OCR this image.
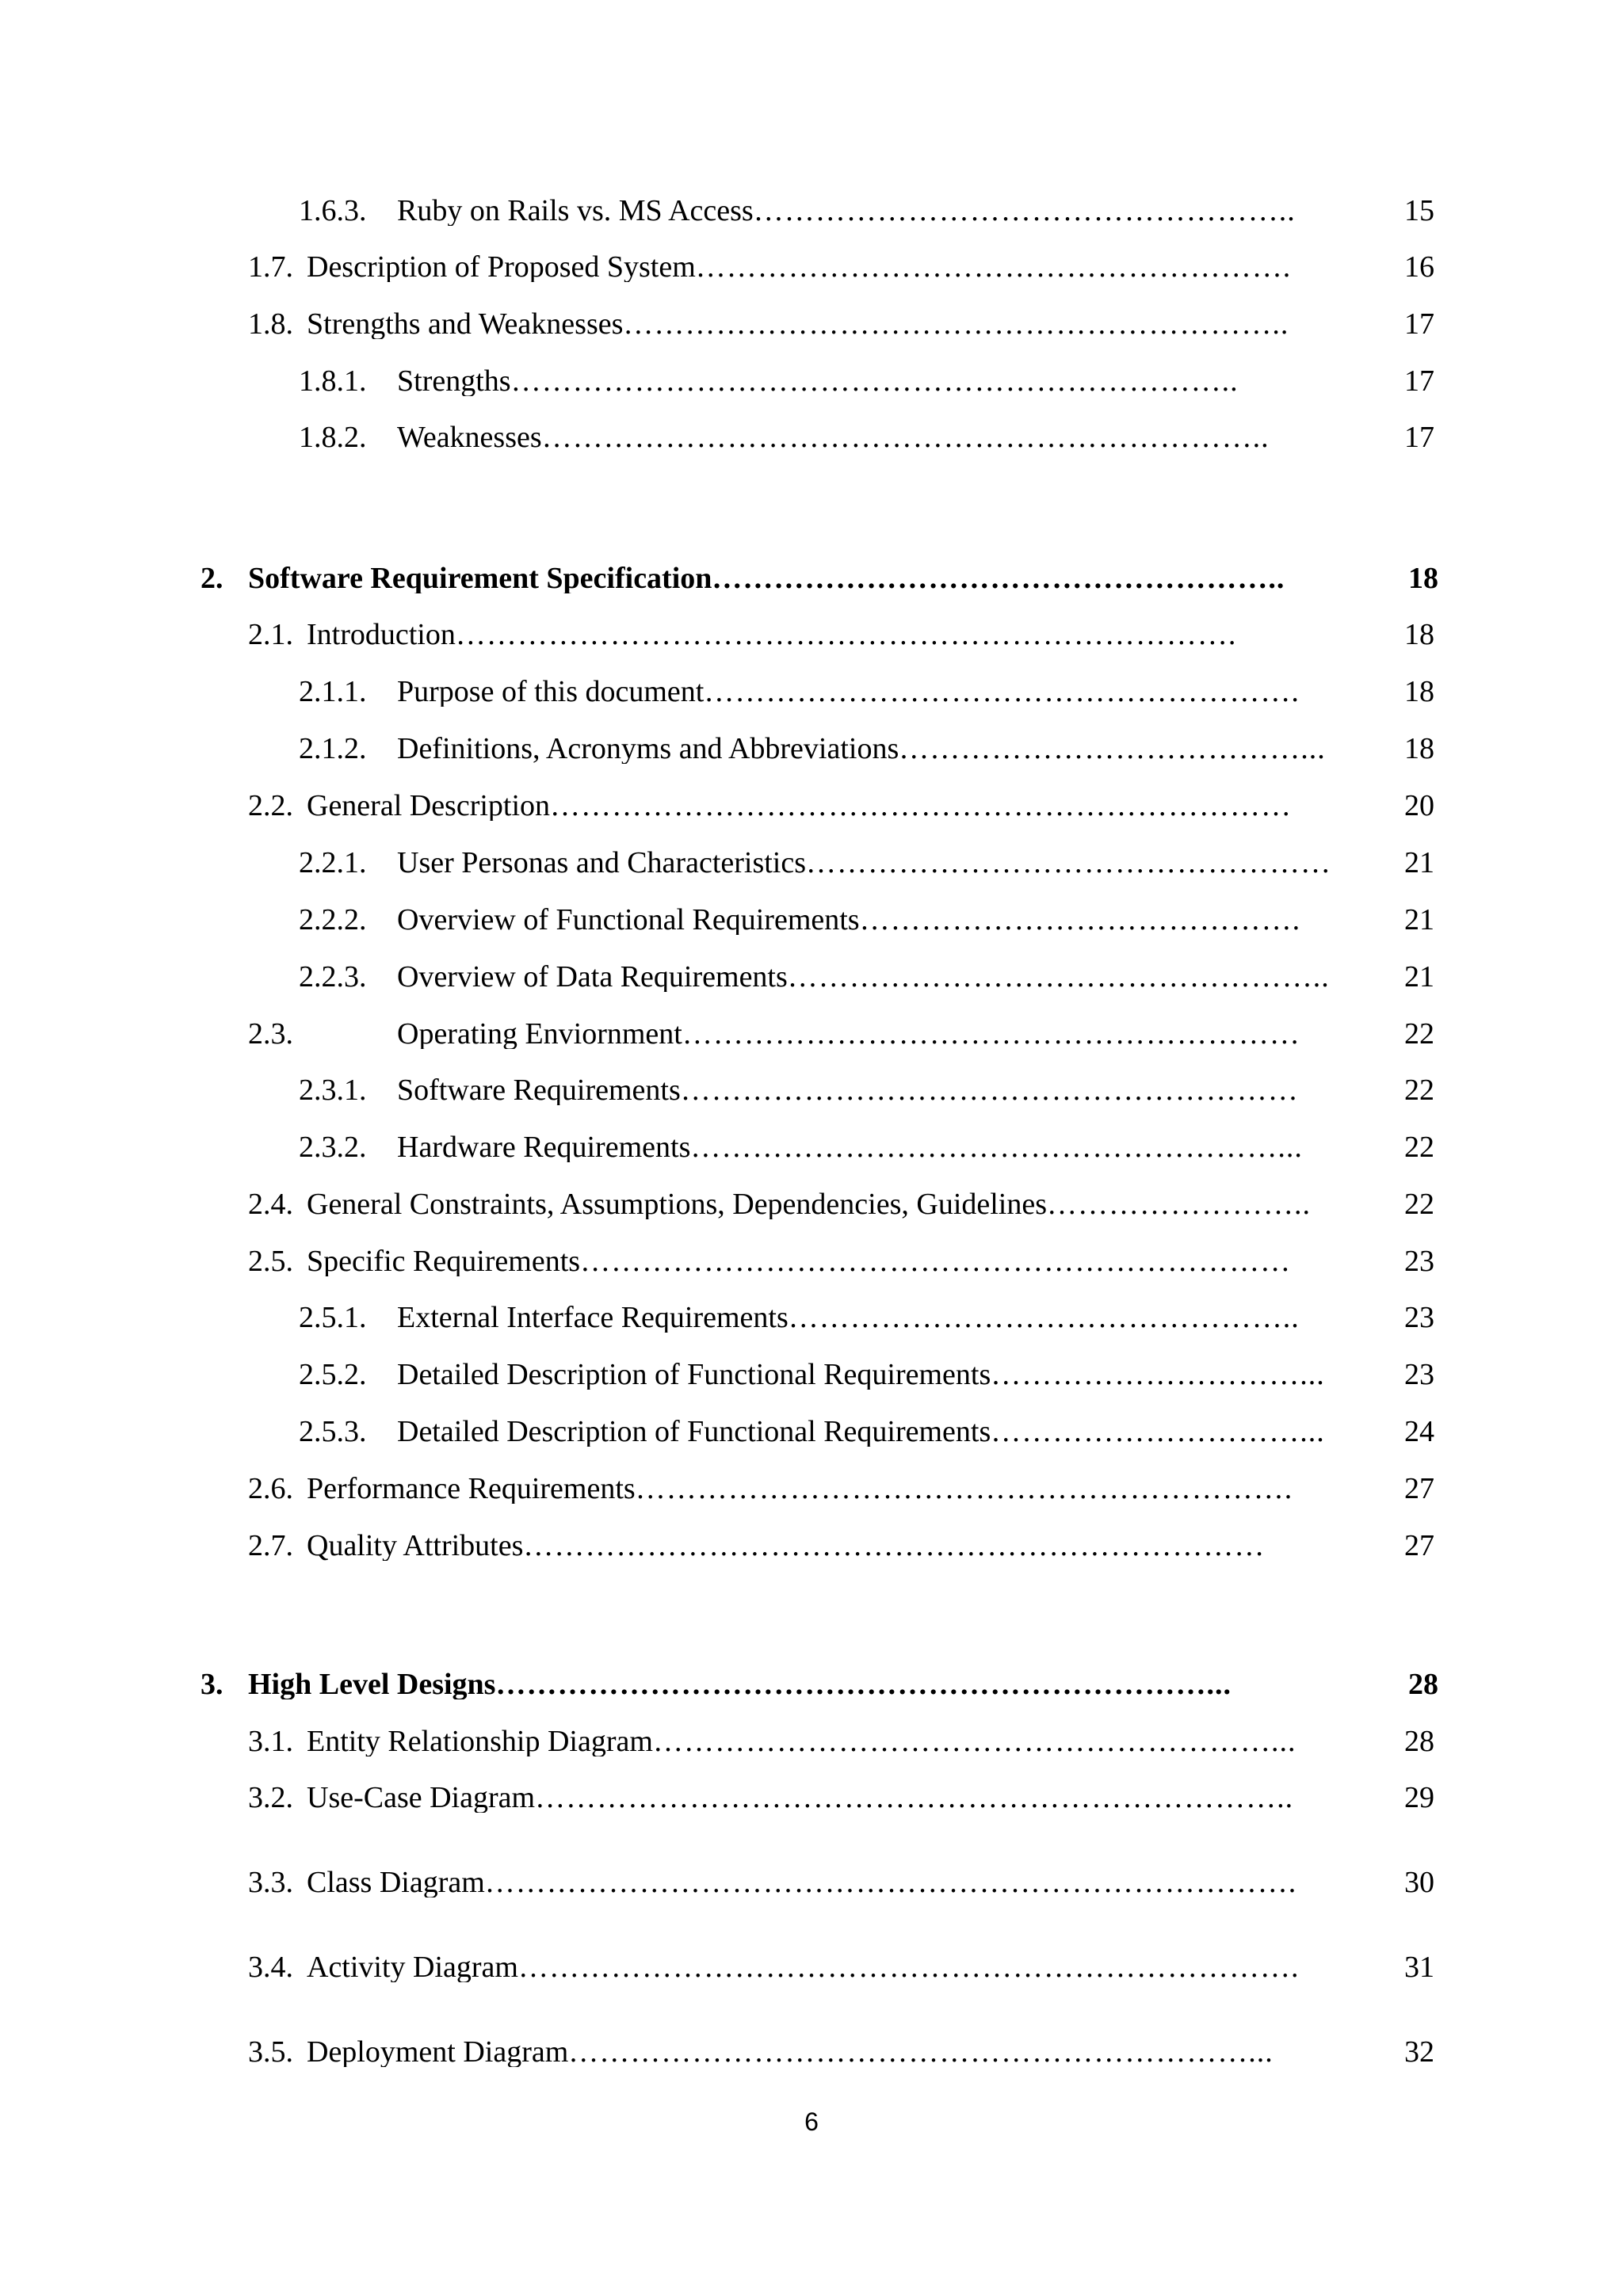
1.6.3.	Ruby on Rails vs. MS Access ……………………………………………..	15
1.7. Description of Proposed System ………………………………………………….	16
1.8. Strengths and Weaknesses ………………………………………………………..	17
1.8.1.	Strengths ……………………………………………………………..	17
1.8.2.	Weaknesses ……………………………………………………………..	17
2. Software Requirement Specification ………………………………………………..	18
2.1. Introduction ………………………………………………………………….	18
2.1.1.	Purpose of this document ………………………………………………….	18
2.1.2.	Definitions, Acronyms and Abbreviations …………………………………...	18
2.2. General Description ………………………………………………………………	20
2.2.1.	User Personas and Characteristics ……………………………………………	21
2.2.2.	Overview of Functional Requirements …………………………………….	21
2.2.3.	Overview of Data Requirements ……………………………………………..	21
2.3.	Operating Enviornment ……………………………………………………	22
2.3.1.	Software Requirements ……………………………………………………	22
2.3.2.	Hardware Requirements …………………………………………………...	22
2.4. General Constraints, Assumptions, Dependencies, Guidelines ……………………..	22
2.5. Specific Requirements ……………………………………………………………	23
2.5.1.	External Interface Requirements …………………………………………..	23
2.5.2.	Detailed Description of Functional Requirements …………………………...	23
2.5.3.	Detailed Description of Functional Requirements …………………………...	24
2.6. Performance Requirements ……………………………………………………….	27
2.7. Quality Attributes ………………………………………………………………	27
3. High Level Designs ……………………………………………………………...	28
3.1. Entity Relationship Diagram ……………………………………………………...	28
3.2. Use-Case Diagram ………………………………………………………………..	29
3.3. Class Diagram …………………………………………………………………….	30
3.4. Activity Diagram ………………………………………………………………….	31
3.5. Deployment Diagram …………………………………………………………...	32
6
